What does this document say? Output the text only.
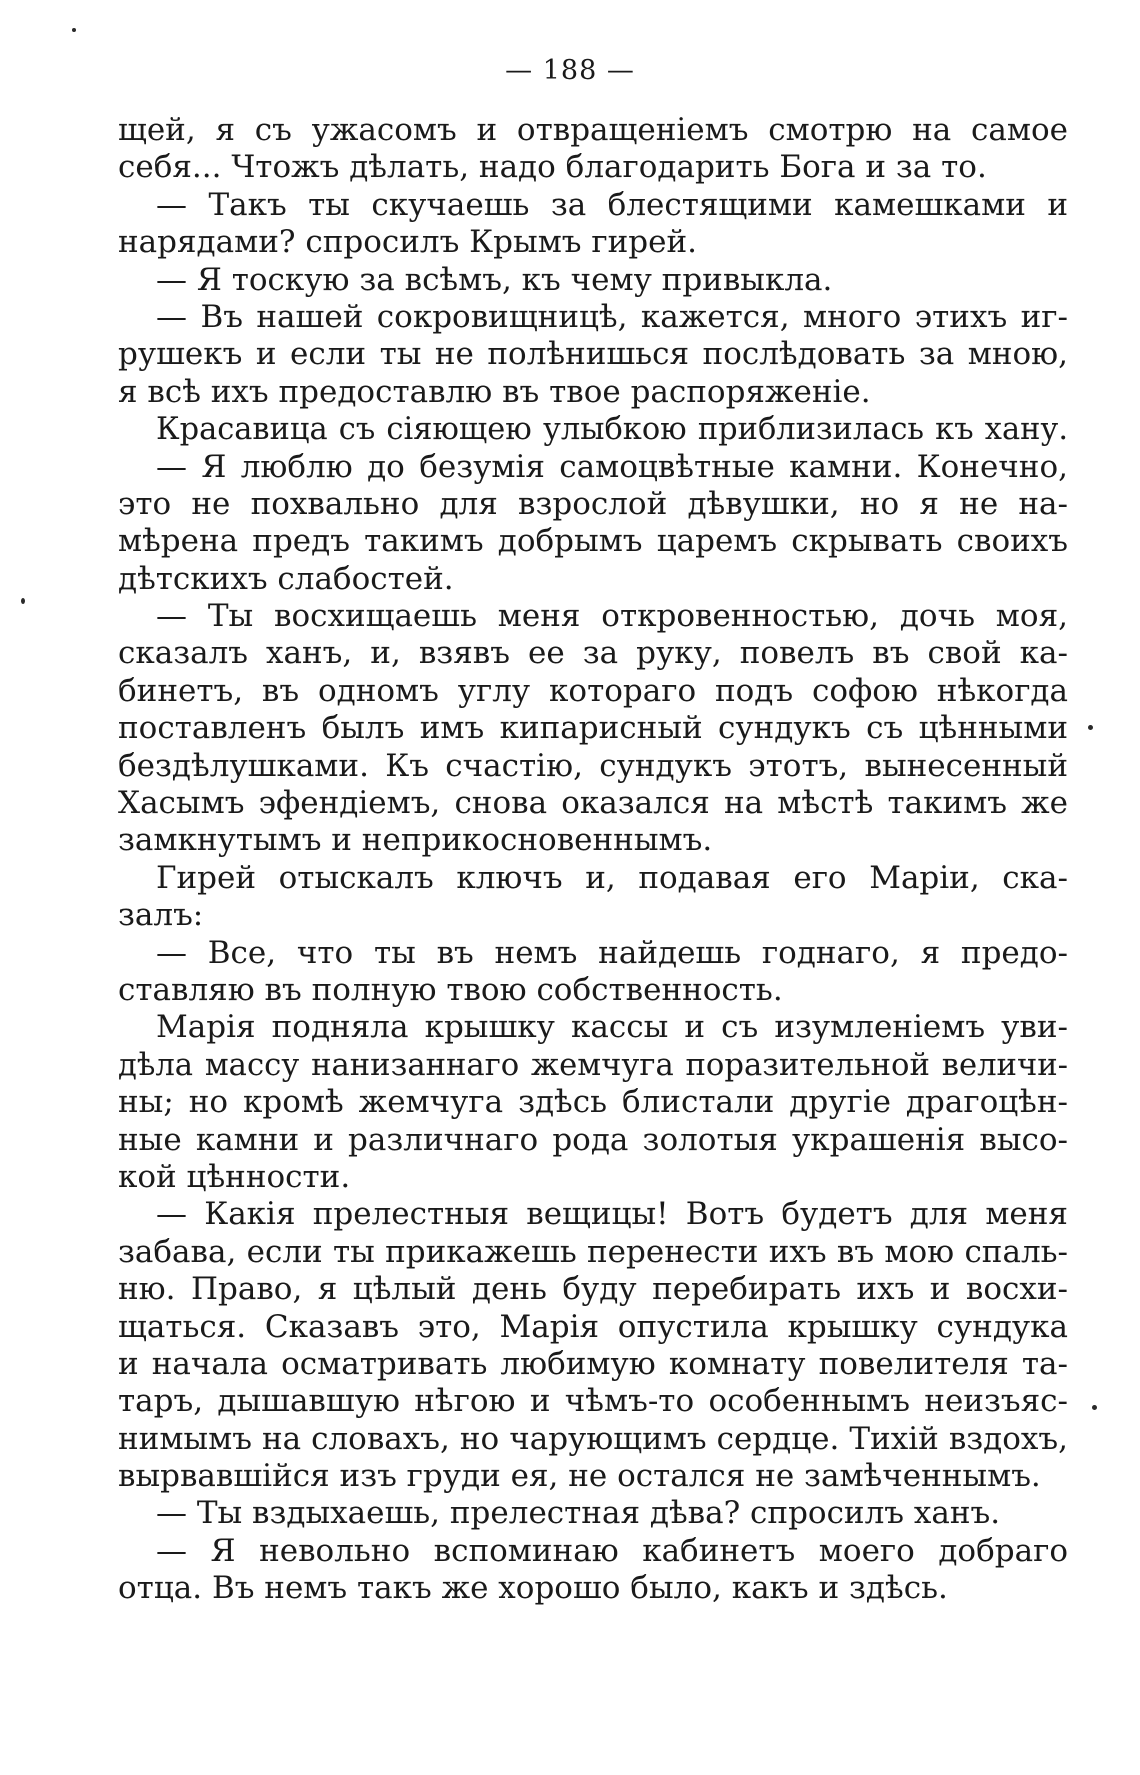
— 188 —
щей, я съ ужасомъ и отвращеніемъ смотрю на самое
себя... Чтожъ дѣлать, надо благодарить Бога и за то.
— Такъ ты скучаешь за блестящими камешками и
нарядами? спросилъ Крымъ гирей.
— Я тоскую за всѣмъ, къ чему привыкла.
— Въ нашей сокровищницѣ, кажется, много этихъ иг-
рушекъ и если ты не полѣнишься послѣдовать за мною,
я всѣ ихъ предоставлю въ твое распоряженіе.
Красавица съ сіяющею улыбкою приблизилась къ хану.
— Я люблю до безумія самоцвѣтные камни. Конечно,
это не похвально для взрослой дѣвушки, но я не на-
мѣрена предъ такимъ добрымъ царемъ скрывать своихъ
дѣтскихъ слабостей.
— Ты восхищаешь меня откровенностью, дочь моя,
сказалъ ханъ, и, взявъ ее за руку, повелъ въ свой ка-
бинетъ, въ одномъ углу котораго подъ софою нѣкогда
поставленъ былъ имъ кипарисный сундукъ съ цѣнными
бездѣлушками. Къ счастію, сундукъ этотъ, вынесенный
Хасымъ эфендіемъ, снова оказался на мѣстѣ такимъ же
замкнутымъ и неприкосновеннымъ.
Гирей отыскалъ ключъ и, подавая его Маріи, ска-
залъ:
— Все, что ты въ немъ найдешь годнаго, я предо-
ставляю въ полную твою собственность.
Марія подняла крышку кассы и съ изумленіемъ уви-
дѣла массу нанизаннаго жемчуга поразительной величи-
ны; но кромѣ жемчуга здѣсь блистали другіе драгоцѣн-
ные камни и различнаго рода золотыя украшенія высо-
кой цѣнности.
— Какія прелестныя вещицы! Вотъ будетъ для меня
забава, если ты прикажешь перенести ихъ въ мою спаль-
ню. Право, я цѣлый день буду перебирать ихъ и восхи-
щаться. Сказавъ это, Марія опустила крышку сундука
и начала осматривать любимую комнату повелителя та-
таръ, дышавшую нѣгою и чѣмъ-то особеннымъ неизъяс-
нимымъ на словахъ, но чарующимъ сердце. Тихій вздохъ,
вырвавшійся изъ груди ея, не остался не замѣченнымъ.
— Ты вздыхаешь, прелестная дѣва? спросилъ ханъ.
— Я невольно вспоминаю кабинетъ моего добраго
отца. Въ немъ такъ же хорошо было, какъ и здѣсь.
